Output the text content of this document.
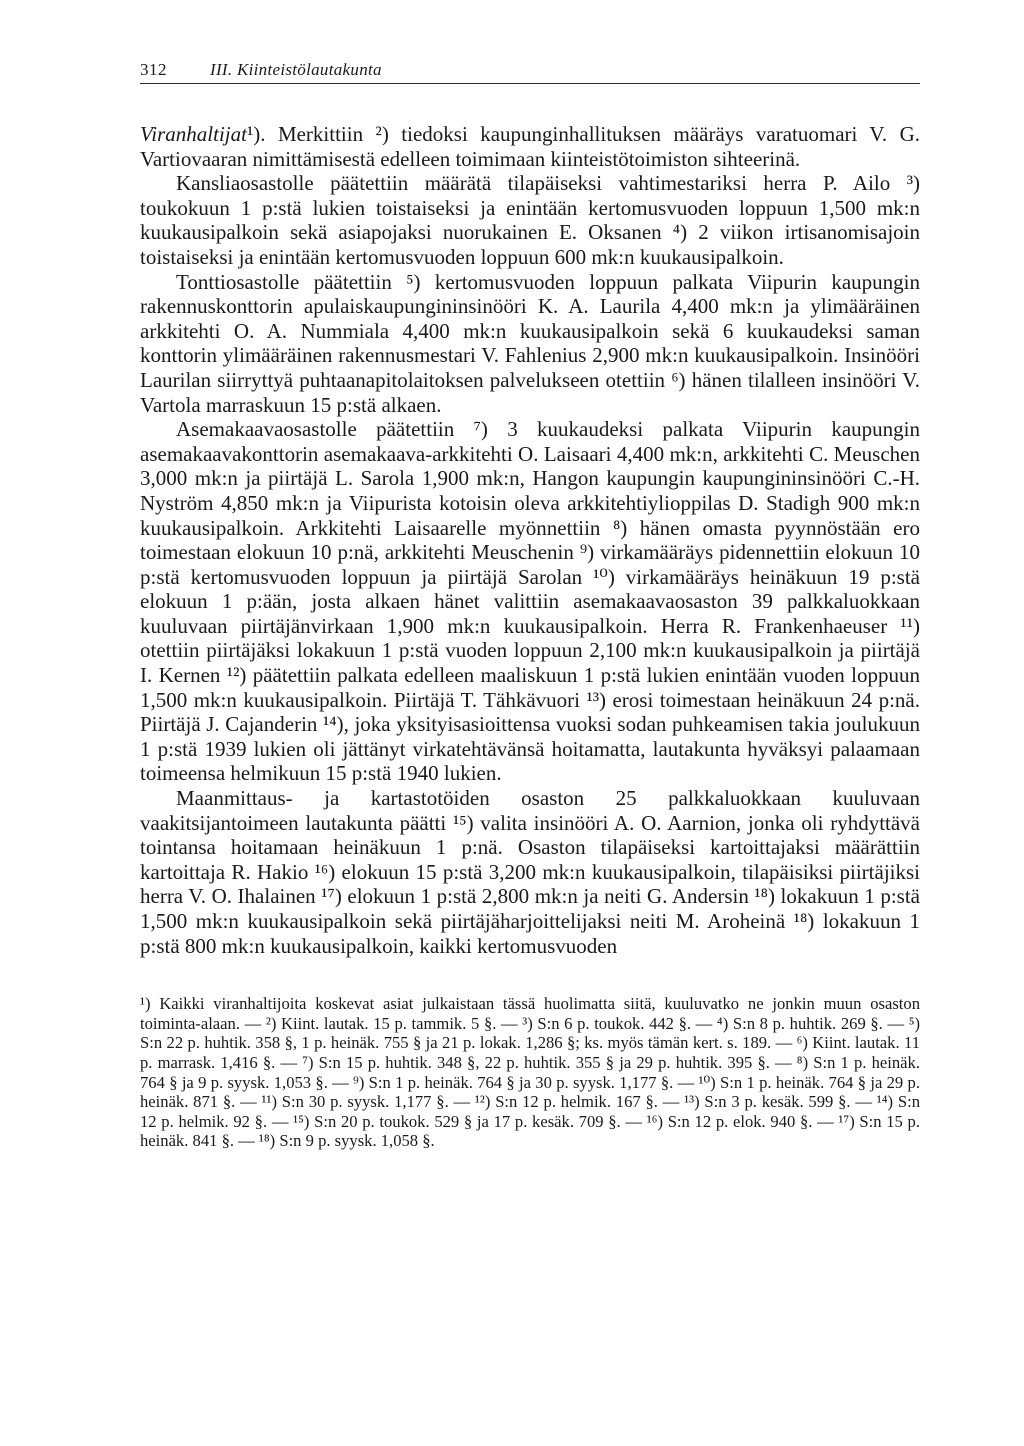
312	III. Kiinteistölautakunta

Viranhaltijat¹). Merkittiin ²) tiedoksi kaupunginhallituksen määräys varatuomari V. G. Vartiovaaran nimittämisestä edelleen toimimaan kiinteistötoimiston sihteerinä.

Kansliaosastolle päätettiin määrätä tilapäiseksi vahtimestariksi herra P. Ailo ³) toukokuun 1 p:stä lukien toistaiseksi ja enintään kertomusvuoden loppuun 1,500 mk:n kuukausipalkoin sekä asiapojaksi nuorukainen E. Oksanen ⁴) 2 viikon irtisanomisajoin toistaiseksi ja enintään kertomusvuoden loppuun 600 mk:n kuukausipalkoin.

Tonttiosastolle päätettiin ⁵) kertomusvuoden loppuun palkata Viipurin kaupungin rakennuskonttorin apulaiskaupungininsinööri K. A. Laurila 4,400 mk:n ja ylimääräinen arkkitehti O. A. Nummiala 4,400 mk:n kuukausipalkoin sekä 6 kuukaudeksi saman konttorin ylimääräinen rakennusmestari V. Fahlenius 2,900 mk:n kuukausipalkoin. Insinööri Laurilan siirryttyä puhtaanapitolaitoksen palvelukseen otettiin ⁶) hänen tilalleen insinööri V. Vartola marraskuun 15 p:stä alkaen.

Asemakaavaosastolle päätettiin ⁷) 3 kuukaudeksi palkata Viipurin kaupungin asemakaavakonttorin asemakaava-arkkitehti O. Laisaari 4,400 mk:n, arkkitehti C. Meuschen 3,000 mk:n ja piirtäjä L. Sarola 1,900 mk:n, Hangon kaupungin kaupungininsinööri C.-H. Nyström 4,850 mk:n ja Viipurista kotoisin oleva arkkitehtiylioppilas D. Stadigh 900 mk:n kuukausipalkoin. Arkkitehti Laisaarelle myönnettiin ⁸) hänen omasta pyynnöstään ero toimestaan elokuun 10 p:nä, arkkitehti Meuschenin ⁹) virkamääräys pidennettiin elokuun 10 p:stä kertomusvuoden loppuun ja piirtäjä Sarolan ¹⁰) virkamääräys heinäkuun 19 p:stä elokuun 1 p:ään, josta alkaen hänet valittiin asemakaavaosaston 39 palkkaluokkaan kuuluvaan piirtäjänvirkaan 1,900 mk:n kuukausipalkoin. Herra R. Frankenhaeuser ¹¹) otettiin piirtäjäksi lokakuun 1 p:stä vuoden loppuun 2,100 mk:n kuukausipalkoin ja piirtäjä I. Kernen ¹²) päätettiin palkata edelleen maaliskuun 1 p:stä lukien enintään vuoden loppuun 1,500 mk:n kuukausipalkoin. Piirtäjä T. Tähkävuori ¹³) erosi toimestaan heinäkuun 24 p:nä. Piirtäjä J. Cajanderin ¹⁴), joka yksityisasioittensa vuoksi sodan puhkeamisen takia joulukuun 1 p:stä 1939 lukien oli jättänyt virkatehtävänsä hoitamatta, lautakunta hyväksyi palaamaan toimeensa helmikuun 15 p:stä 1940 lukien.

Maanmittaus- ja kartastotöiden osaston 25 palkkaluokkaan kuuluvaan vaakitsijantoimeen lautakunta päätti ¹⁵) valita insinööri A. O. Aarnion, jonka oli ryhdyttävä tointansa hoitamaan heinäkuun 1 p:nä. Osaston tilapäiseksi kartoittajaksi määrättiin kartoittaja R. Hakio ¹⁶) elokuun 15 p:stä 3,200 mk:n kuukausipalkoin, tilapäisiksi piirtäjiksi herra V. O. Ihalainen ¹⁷) elokuun 1 p:stä 2,800 mk:n ja neiti G. Andersin ¹⁸) lokakuun 1 p:stä 1,500 mk:n kuukausipalkoin sekä piirtäjäharjoittelijaksi neiti M. Aroheinä ¹⁸) lokakuun 1 p:stä 800 mk:n kuukausipalkoin, kaikki kertomusvuoden

¹) Kaikki viranhaltijoita koskevat asiat julkaistaan tässä huolimatta siitä, kuuluvatko ne jonkin muun osaston toiminta-alaan. — ²) Kiint. lautak. 15 p. tammik. 5 §. — ³) S:n 6 p. toukok. 442 §. — ⁴) S:n 8 p. huhtik. 269 §. — ⁵) S:n 22 p. huhtik. 358 §, 1 p. heinäk. 755 § ja 21 p. lokak. 1,286 §; ks. myös tämän kert. s. 189. — ⁶) Kiint. lautak. 11 p. marrask. 1,416 §. — ⁷) S:n 15 p. huhtik. 348 §, 22 p. huhtik. 355 § ja 29 p. huhtik. 395 §. — ⁸) S:n 1 p. heinäk. 764 § ja 9 p. syysk. 1,053 §. — ⁹) S:n 1 p. heinäk. 764 § ja 30 p. syysk. 1,177 §. — ¹⁰) S:n 1 p. heinäk. 764 § ja 29 p. heinäk. 871 §. — ¹¹) S:n 30 p. syysk. 1,177 §. — ¹²) S:n 12 p. helmik. 167 §. — ¹³) S:n 3 p. kesäk. 599 §. — ¹⁴) S:n 12 p. helmik. 92 §. — ¹⁵) S:n 20 p. toukok. 529 § ja 17 p. kesäk. 709 §. — ¹⁶) S:n 12 p. elok. 940 §. — ¹⁷) S:n 15 p. heinäk. 841 §. — ¹⁸) S:n 9 p. syysk. 1,058 §.
